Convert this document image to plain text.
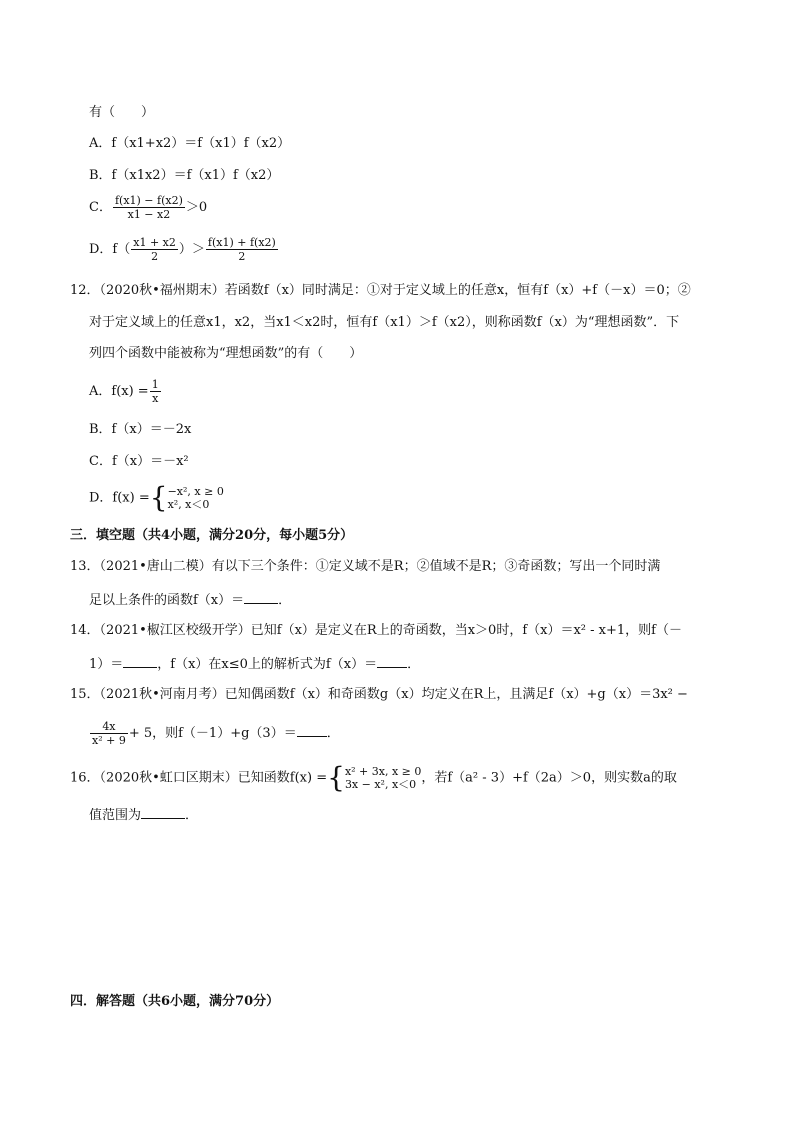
有（　　）
A．f（x1+x2）＝f（x1）f（x2）
B．f（x1x2）＝f（x1）f（x2）
C． $\frac{f(x1) - f(x2)}{x1 - x2} >0$
D．$f( \frac{x1 + x2}{2}$ ）＞ $\frac{f(x1) + f(x2)}{2}$
12．（2020秋•福州期末）若函数f（x）同时满足：①对于定义域上的任意x，恒有f（x）+f（－x）＝0；②
对于定义域上的任意x1，x2，当x1＜x2时，恒有f（x1）＞f（x2），则称函数f（x）为“理想函数”．下
列四个函数中能被称为“理想函数”的有（　　）
A．$f(x) = \frac{1}{x}$
B．f（x）＝－2x
C．f（x）＝－x²
D．f(x) ={ −x², x ≥ 0
x², x＜0
三．填空题（共4小题，满分20分，每小题5分）
13．（2021•唐山二模）有以下三个条件：①定义域不是R；②值域不是R；③奇函数；写出一个同时满
足以上条件的函数f（x）＝	．
14．（2021•椒江区校级开学）已知f（x）是定义在R上的奇函数，当x＞0时，f（x）＝x² - x+1，则f（－
1）＝	，f（x）在x≤0上的解析式为f（x）＝ ．
15．（2021秋•河南月考）已知偶函数f（x）和奇函数g（x）均定义在R上，且满足f（x）+g（x）＝3x² −
$\frac{4x}{\text{x² + 9}} + 5$，则f（－1）+g（3）＝ ．
16．（2020秋•虹口区期末）已知函数f(x) ={ x² + 3x, x ≥ 0
3x − x², x＜0 ，若f（a² - 3）+f（2a）＞0，则实数a的取
值范围为	．
四．解答题（共6小题，满分70分）
